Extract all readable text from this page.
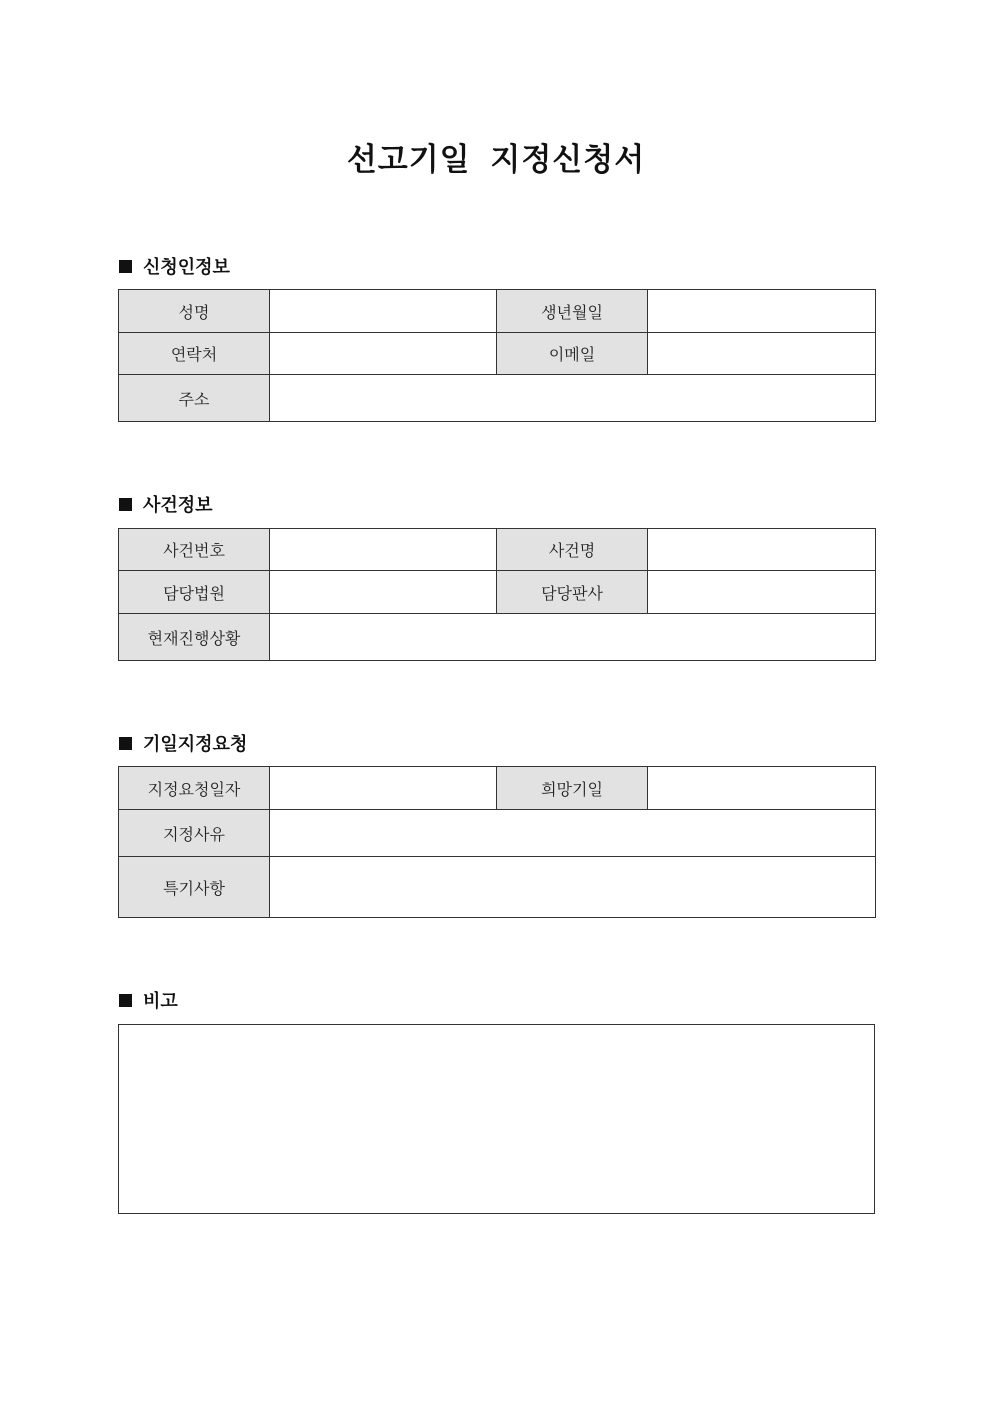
선고기일 지정신청서
신청인정보
성명		생년월일	
연락처		이메일	
주소			
사건정보
사건번호		사건명	
담당법원		담당판사	
현재진행상황			
기일지정요청
지정요청일자		희망기일	
지정사유			
특기사항			
비고
